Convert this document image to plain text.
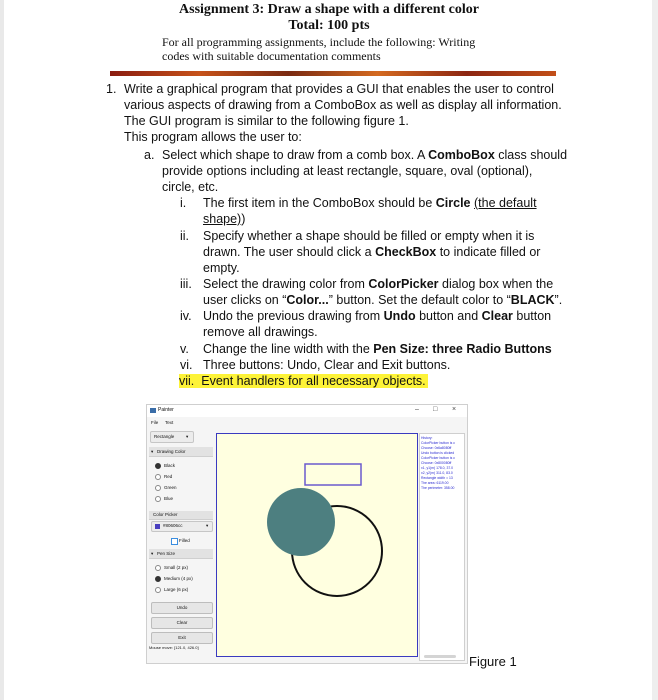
Assignment 3: Draw a shape with a different color
Total: 100 pts
For all programming assignments, include the following: Writing
codes with suitable documentation comments
1. Write a graphical program that provides a GUI that enables the user to control
various aspects of drawing from a ComboBox as well as display all information.
The GUI program is similar to the following figure 1.
This program allows the user to:
a. Select which shape to draw from a comb box. A ComboBox class should
provide options including at least rectangle, square, oval (optional),
circle, etc.
i. The first item in the ComboBox should be Circle (the default
shape))
ii. Specify whether a shape should be filled or empty when it is
drawn. The user should click a CheckBox to indicate filled or
empty.
iii. Select the drawing color from ColorPicker dialog box when the
user clicks on “Color...” button. Set the default color to “BLACK”.
iv. Undo the previous drawing from Undo button and Clear button
remove all drawings.
v. Change the line width with the Pen Size: three Radio Buttons
vi. Three buttons: Undo, Clear and Exit buttons.
vii. Event handlers for all necessary objects.
Painter	– □ ×
File Text
Rectangle	▾
▾ Drawing Color
Black
Red
Green
Blue
Color Picker
#80606cc	▾
Filled
▾ Pen Size
Small (2 px)
Medium (4 px)
Large (6 px)
Undo
Clear
Exit
Mouse move: [121.0, 426.0]
History:
ColorPicker button is c
Choose: 0x6a8080ff
Undo button is clicked
ColorPicker button is c
Choose: 0x800080ff
x1, y1(m) 178.0, 37.0
x2, y2(m) 311.0, 83.0
Rectangle width = 13
The area: 6119.00
The perimeter: 358.00
Figure 1
